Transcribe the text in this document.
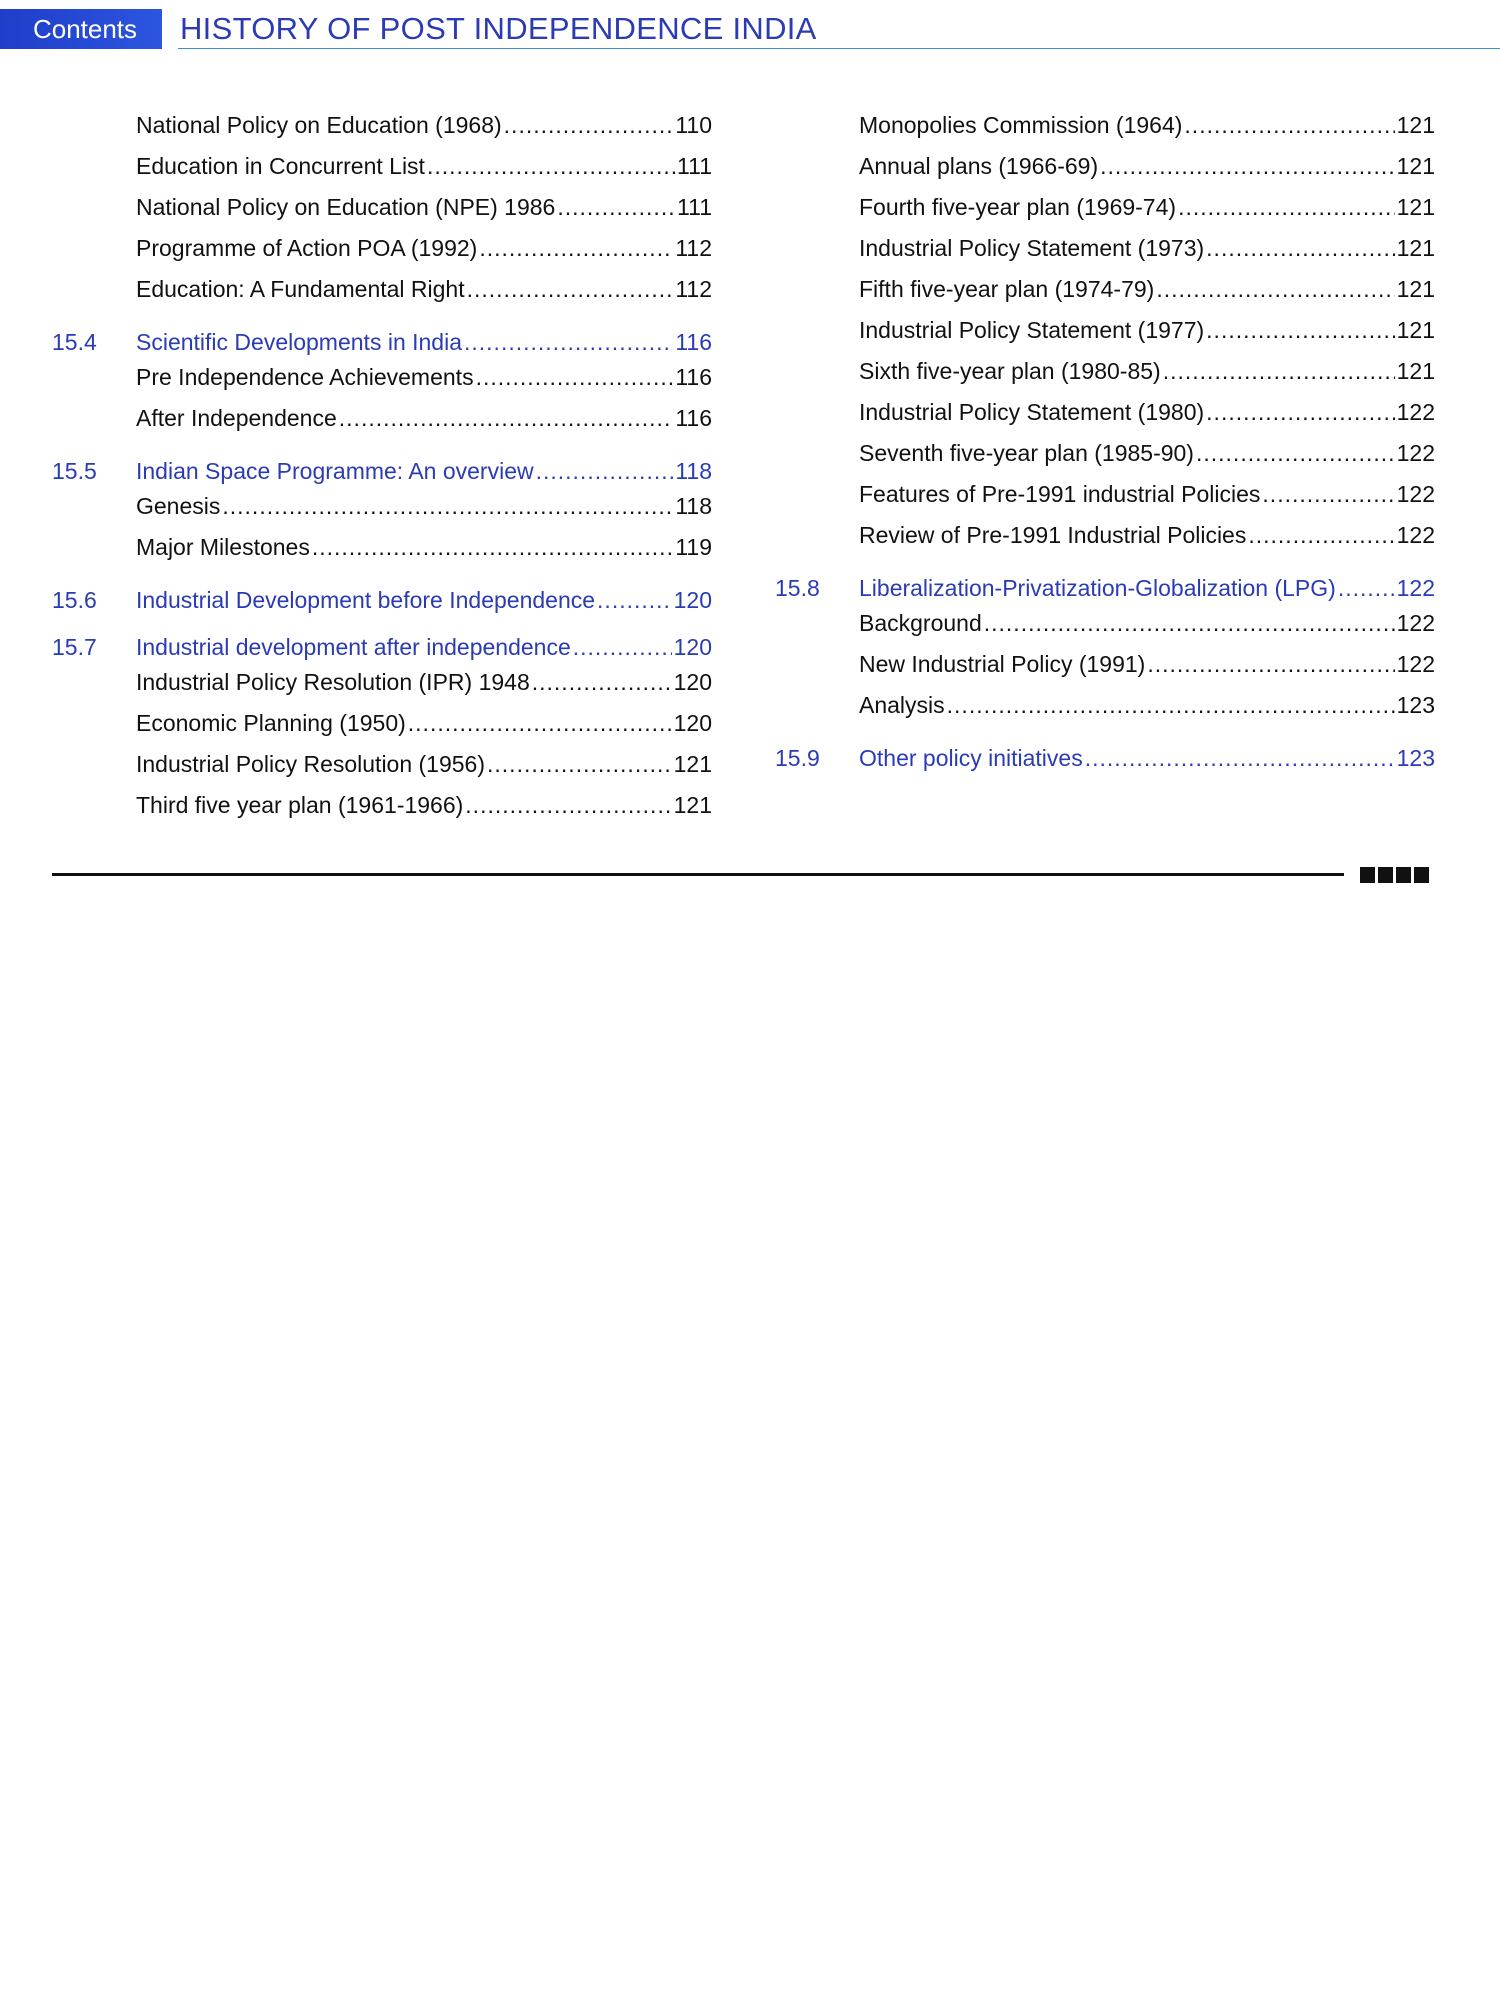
Contents	HISTORY OF POST INDEPENDENCE INDIA
National Policy on Education (1968) .....	110
Education in Concurrent List .....	111
National Policy on Education (NPE) 1986 .....	111
Programme of Action POA (1992) .....	112
Education: A Fundamental Right .....	112
15.4	Scientific Developments in India .....	116
Pre Independence Achievements .....	116
After Independence .....	116
15.5	Indian Space Programme: An overview .....	118
Genesis .....	118
Major Milestones .....	119
15.6	Industrial Development before Independence .....	120
15.7	Industrial development after independence .....	120
Industrial Policy Resolution (IPR) 1948 .....	120
Economic Planning (1950) .....	120
Industrial Policy Resolution (1956) .....	121
Third five year plan (1961-1966) .....	121
Monopolies Commission (1964) .....	121
Annual plans (1966-69) .....	121
Fourth five-year plan (1969-74) .....	121
Industrial Policy Statement (1973) .....	121
Fifth five-year plan (1974-79) .....	121
Industrial Policy Statement (1977) .....	121
Sixth five-year plan (1980-85) .....	121
Industrial Policy Statement (1980) .....	122
Seventh five-year plan (1985-90) .....	122
Features of Pre-1991 industrial Policies .....	122
Review of Pre-1991 Industrial Policies .....	122
15.8	Liberalization-Privatization-Globalization (LPG) .....	122
Background .....	122
New Industrial Policy (1991) .....	122
Analysis .....	123
15.9	Other policy initiatives .....	123
